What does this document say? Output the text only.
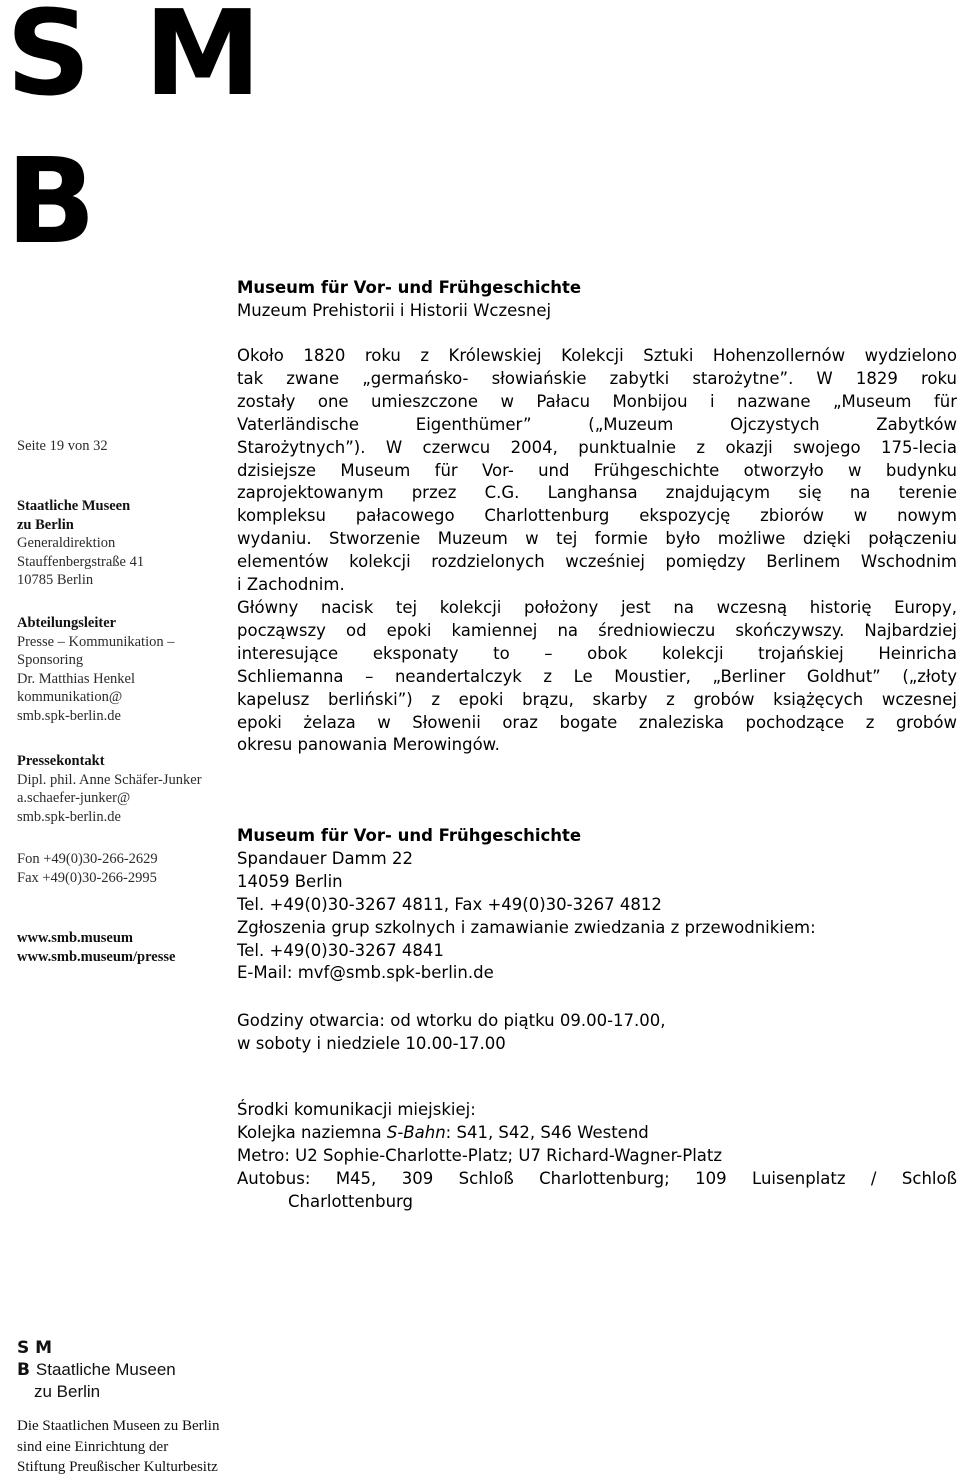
S M
B
Seite 19 von 32
Staatliche Museen
zu Berlin
Generaldirektion
Stauffenbergstraße 41
10785 Berlin
Abteilungsleiter
Presse – Kommunikation –
Sponsoring
Dr. Matthias Henkel
kommunikation@
smb.spk-berlin.de
Pressekontakt
Dipl. phil. Anne Schäfer-Junker
a.schaefer-junker@
smb.spk-berlin.de
Fon +49(0)30-266-2629
Fax +49(0)30-266-2995
www.smb.museum
www.smb.museum/presse
Museum für Vor- und Frühgeschichte
Muzeum Prehistorii i Historii Wczesnej
Około 1820 roku z Królewskiej Kolekcji Sztuki Hohenzollernów wydzielono
tak zwane „germańsko- słowiańskie zabytki starożytne”. W 1829 roku
zostały one umieszczone w Pałacu Monbijou i nazwane „Museum für
Vaterländische Eigenthümer” („Muzeum Ojczystych Zabytków
Starożytnych”). W czerwcu 2004, punktualnie z okazji swojego 175-lecia
dzisiejsze Museum für Vor- und Frühgeschichte otworzyło w budynku
zaprojektowanym przez C.G. Langhansa znajdującym się na terenie
kompleksu pałacowego Charlottenburg ekspozycję zbiorów w nowym
wydaniu. Stworzenie Muzeum w tej formie było możliwe dzięki połączeniu
elementów kolekcji rozdzielonych wcześniej pomiędzy Berlinem Wschodnim
i Zachodnim.
Główny nacisk tej kolekcji położony jest na wczesną historię Europy,
począwszy od epoki kamiennej na średniowieczu skończywszy. Najbardziej
interesujące eksponaty to – obok kolekcji trojańskiej Heinricha
Schliemanna – neandertalczyk z Le Moustier, „Berliner Goldhut” („złoty
kapelusz berliński”) z epoki brązu, skarby z grobów książęcych wczesnej
epoki żelaza w Słowenii oraz bogate znaleziska pochodzące z grobów
okresu panowania Merowingów.
Museum für Vor- und Frühgeschichte
Spandauer Damm 22
14059 Berlin
Tel. +49(0)30-3267 4811, Fax +49(0)30-3267 4812
Zgłoszenia grup szkolnych i zamawianie zwiedzania z przewodnikiem:
Tel. +49(0)30-3267 4841
E-Mail: mvf@smb.spk-berlin.de
Godziny otwarcia: od wtorku do piątku 09.00-17.00,
w soboty i niedziele 10.00-17.00
Środki komunikacji miejskiej:
Kolejka naziemna S-Bahn: S41, S42, S46 Westend
Metro: U2 Sophie-Charlotte-Platz; U7 Richard-Wagner-Platz
Autobus: M45, 309 Schloß Charlottenburg; 109 Luisenplatz / Schloß
Charlottenburg
S M
B Staatliche Museen
zu Berlin
Die Staatlichen Museen zu Berlin
sind eine Einrichtung der
Stiftung Preußischer Kulturbesitz
